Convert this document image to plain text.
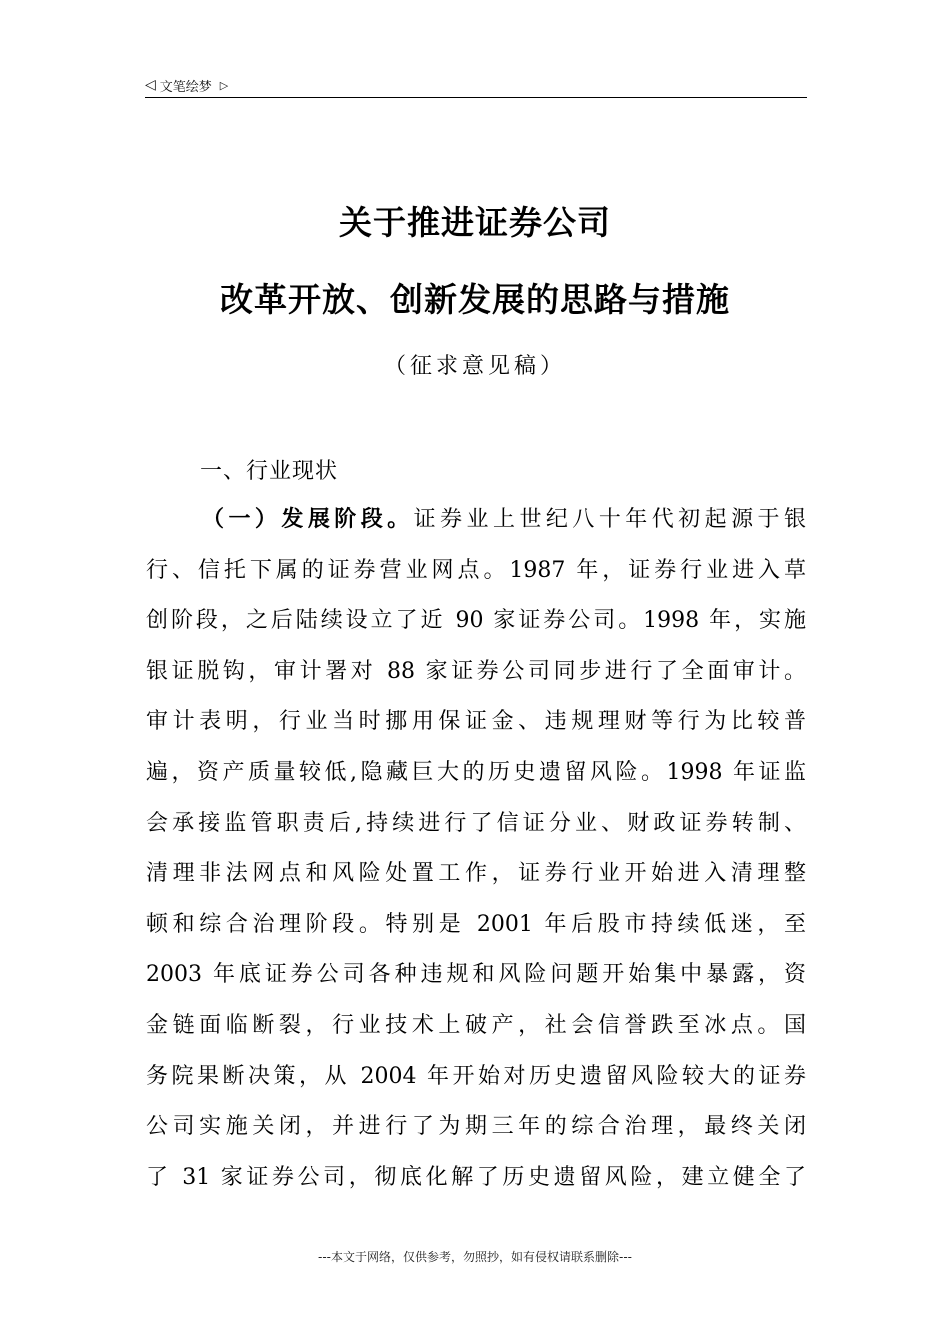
◁ 文笔绘梦 ▷
关于推进证券公司
改革开放、创新发展的思路与措施
（征求意见稿）
一、行业现状
（一）发展阶段。证券业上世纪八十年代初起源于银
行、信托下属的证券营业网点。1987 年，证券行业进入草
创阶段，之后陆续设立了近 90 家证券公司。1998 年，实施
银证脱钩，审计署对 88 家证券公司同步进行了全面审计。
审计表明，行业当时挪用保证金、违规理财等行为比较普
遍，资产质量较低,隐藏巨大的历史遗留风险。1998 年证监
会承接监管职责后,持续进行了信证分业、财政证券转制、
清理非法网点和风险处置工作，证券行业开始进入清理整
顿和综合治理阶段。特别是 2001 年后股市持续低迷，至
2003 年底证券公司各种违规和风险问题开始集中暴露，资
金链面临断裂，行业技术上破产，社会信誉跌至冰点。国
务院果断决策，从 2004 年开始对历史遗留风险较大的证券
公司实施关闭，并进行了为期三年的综合治理，最终关闭
了 31 家证券公司，彻底化解了历史遗留风险，建立健全了
---本文于网络，仅供参考，勿照抄，如有侵权请联系删除---
